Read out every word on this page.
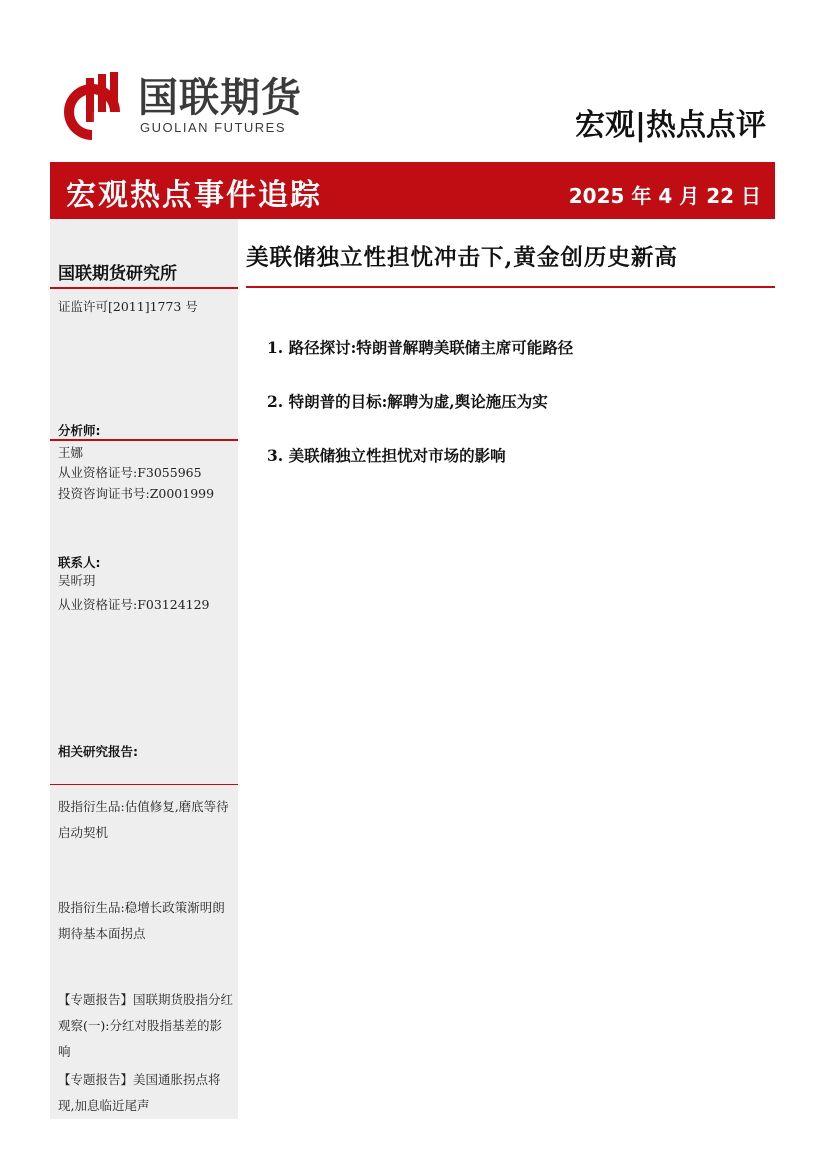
国联期货
GUOLIAN FUTURES	宏观|热点点评
宏观热点事件追踪	2025 年 4 月 22 日
国联期货研究所
证监许可[2011]1773 号
分析师:
王娜
从业资格证号:F3055965
投资咨询证书号:Z0001999
联系人:
吴昕玥
从业资格证号:F03124129
相关研究报告:
股指衍生品:估值修复,磨底等待启动契机
股指衍生品:稳增长政策渐明朗 期待基本面拐点
【专题报告】国联期货股指分红观察(一):分红对股指基差的影响
【专题报告】美国通胀拐点将现,加息临近尾声
美联储独立性担忧冲击下,黄金创历史新高
1. 路径探讨:特朗普解聘美联储主席可能路径
2. 特朗普的目标:解聘为虚,舆论施压为实
3. 美联储独立性担忧对市场的影响
